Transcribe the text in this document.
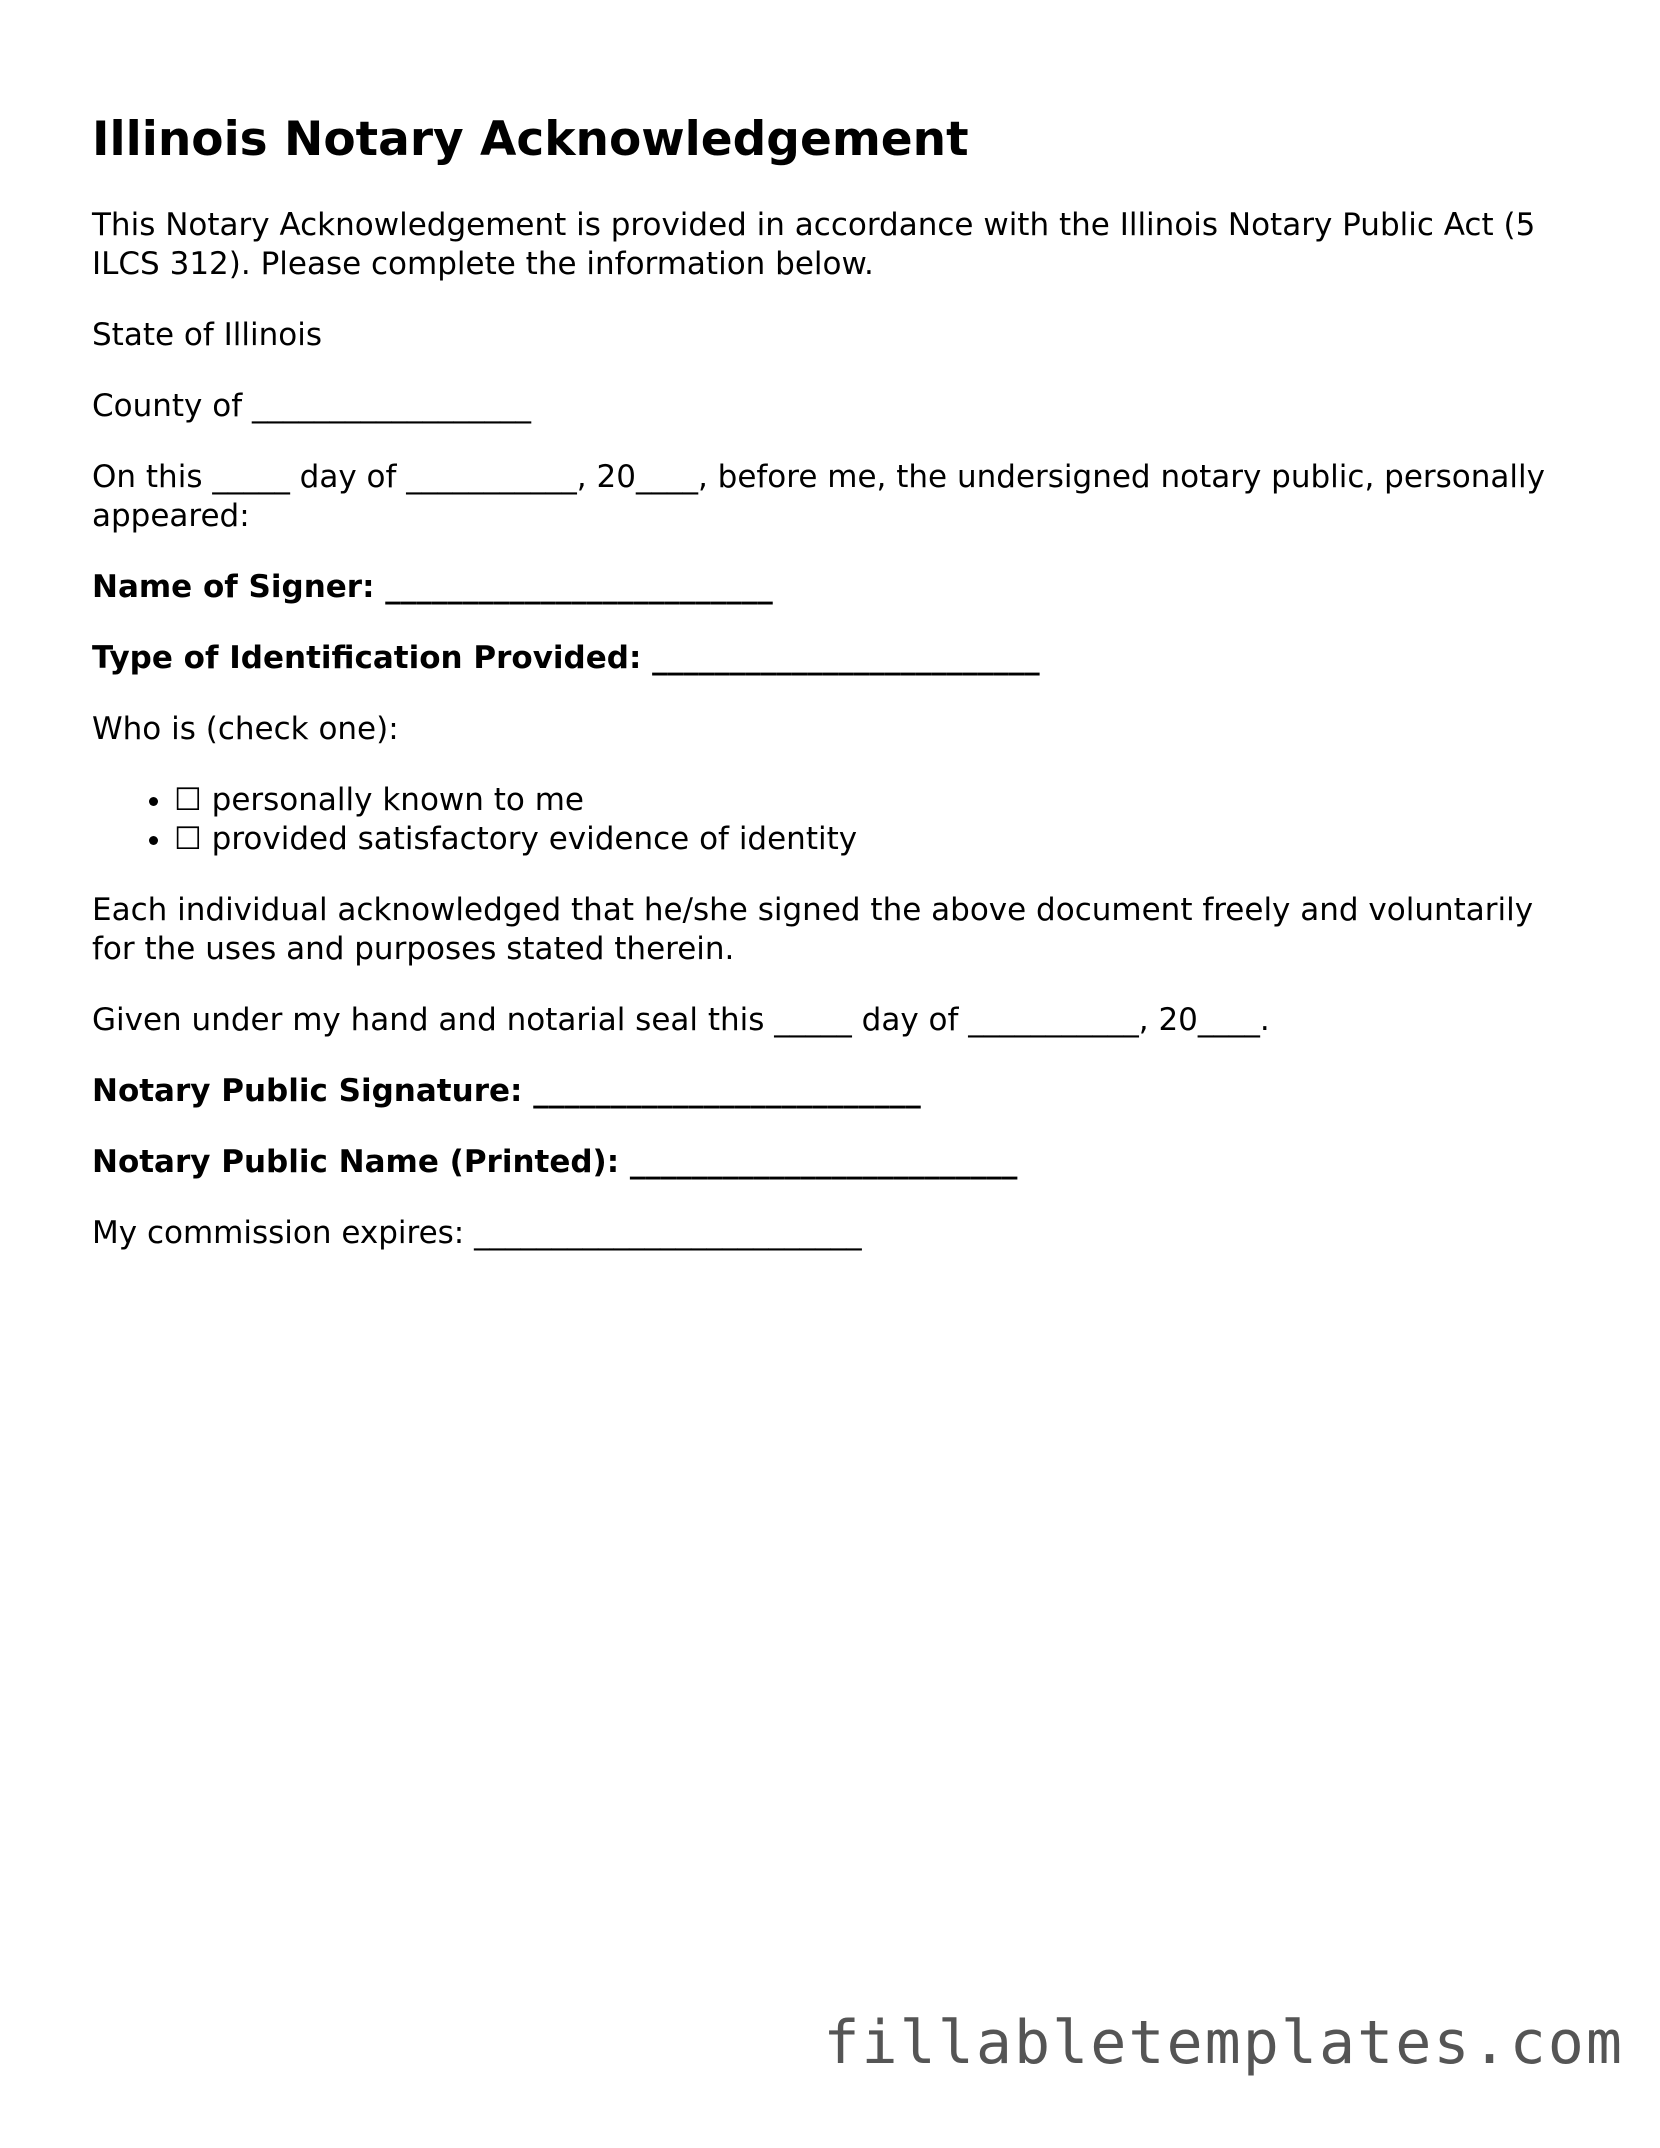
Illinois Notary Acknowledgement

This Notary Acknowledgement is provided in accordance with the Illinois Notary Public Act (5 ILCS 312). Please complete the information below.

State of Illinois

County of __________________

On this _____ day of ___________, 20____, before me, the undersigned notary public, personally appeared:

Name of Signer: _________________________

Type of Identification Provided: _________________________

Who is (check one):

• ☐ personally known to me
• ☐ provided satisfactory evidence of identity

Each individual acknowledged that he/she signed the above document freely and voluntarily for the uses and purposes stated therein.

Given under my hand and notarial seal this _____ day of ___________, 20____.

Notary Public Signature: _________________________

Notary Public Name (Printed): _________________________

My commission expires: _________________________

fillabletemplates.com
